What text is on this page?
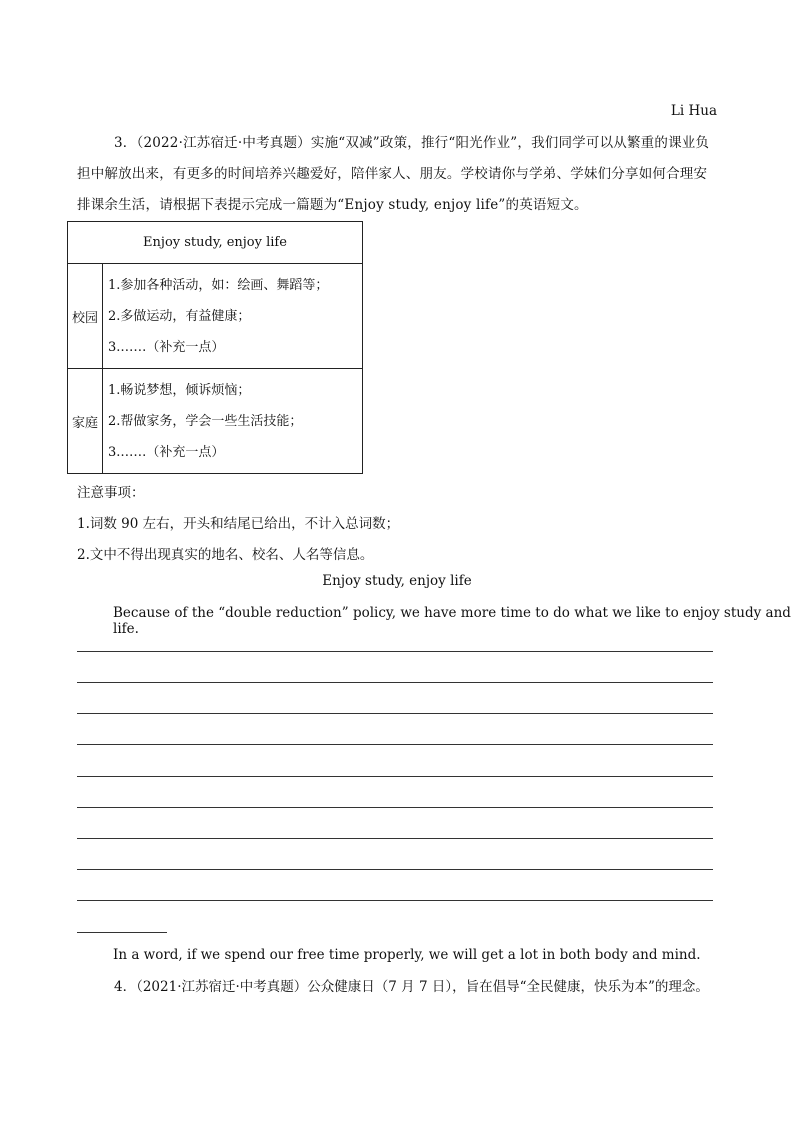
Li Hua
3．（2022·江苏宿迁·中考真题）实施“双减”政策，推行“阳光作业”，我们同学可以从繁重的课业负担中解放出来，有更多的时间培养兴趣爱好，陪伴家人、朋友。学校请你与学弟、学妹们分享如何合理安排课余生活，请根据下表提示完成一篇题为“Enjoy study, enjoy life”的英语短文。
Enjoy study, enjoy life	
校园	1.参加各种活动，如：绘画、舞蹈等；
2.多做运动，有益健康；
3.……（补充一点）

家庭	1.畅说梦想，倾诉烦恼；
2.帮做家务，学会一些生活技能；
3.……（补充一点）
注意事项：
1.词数 90 左右，开头和结尾已给出，不计入总词数；
2.文中不得出现真实的地名、校名、人名等信息。
Enjoy study, enjoy life
Because of the “double reduction” policy, we have more time to do what we like to enjoy study and life.
In a word, if we spend our free time properly, we will get a lot in both body and mind.
4．（2021·江苏宿迁·中考真题）公众健康日（7 月 7 日），旨在倡导“全民健康，快乐为本”的理念。
